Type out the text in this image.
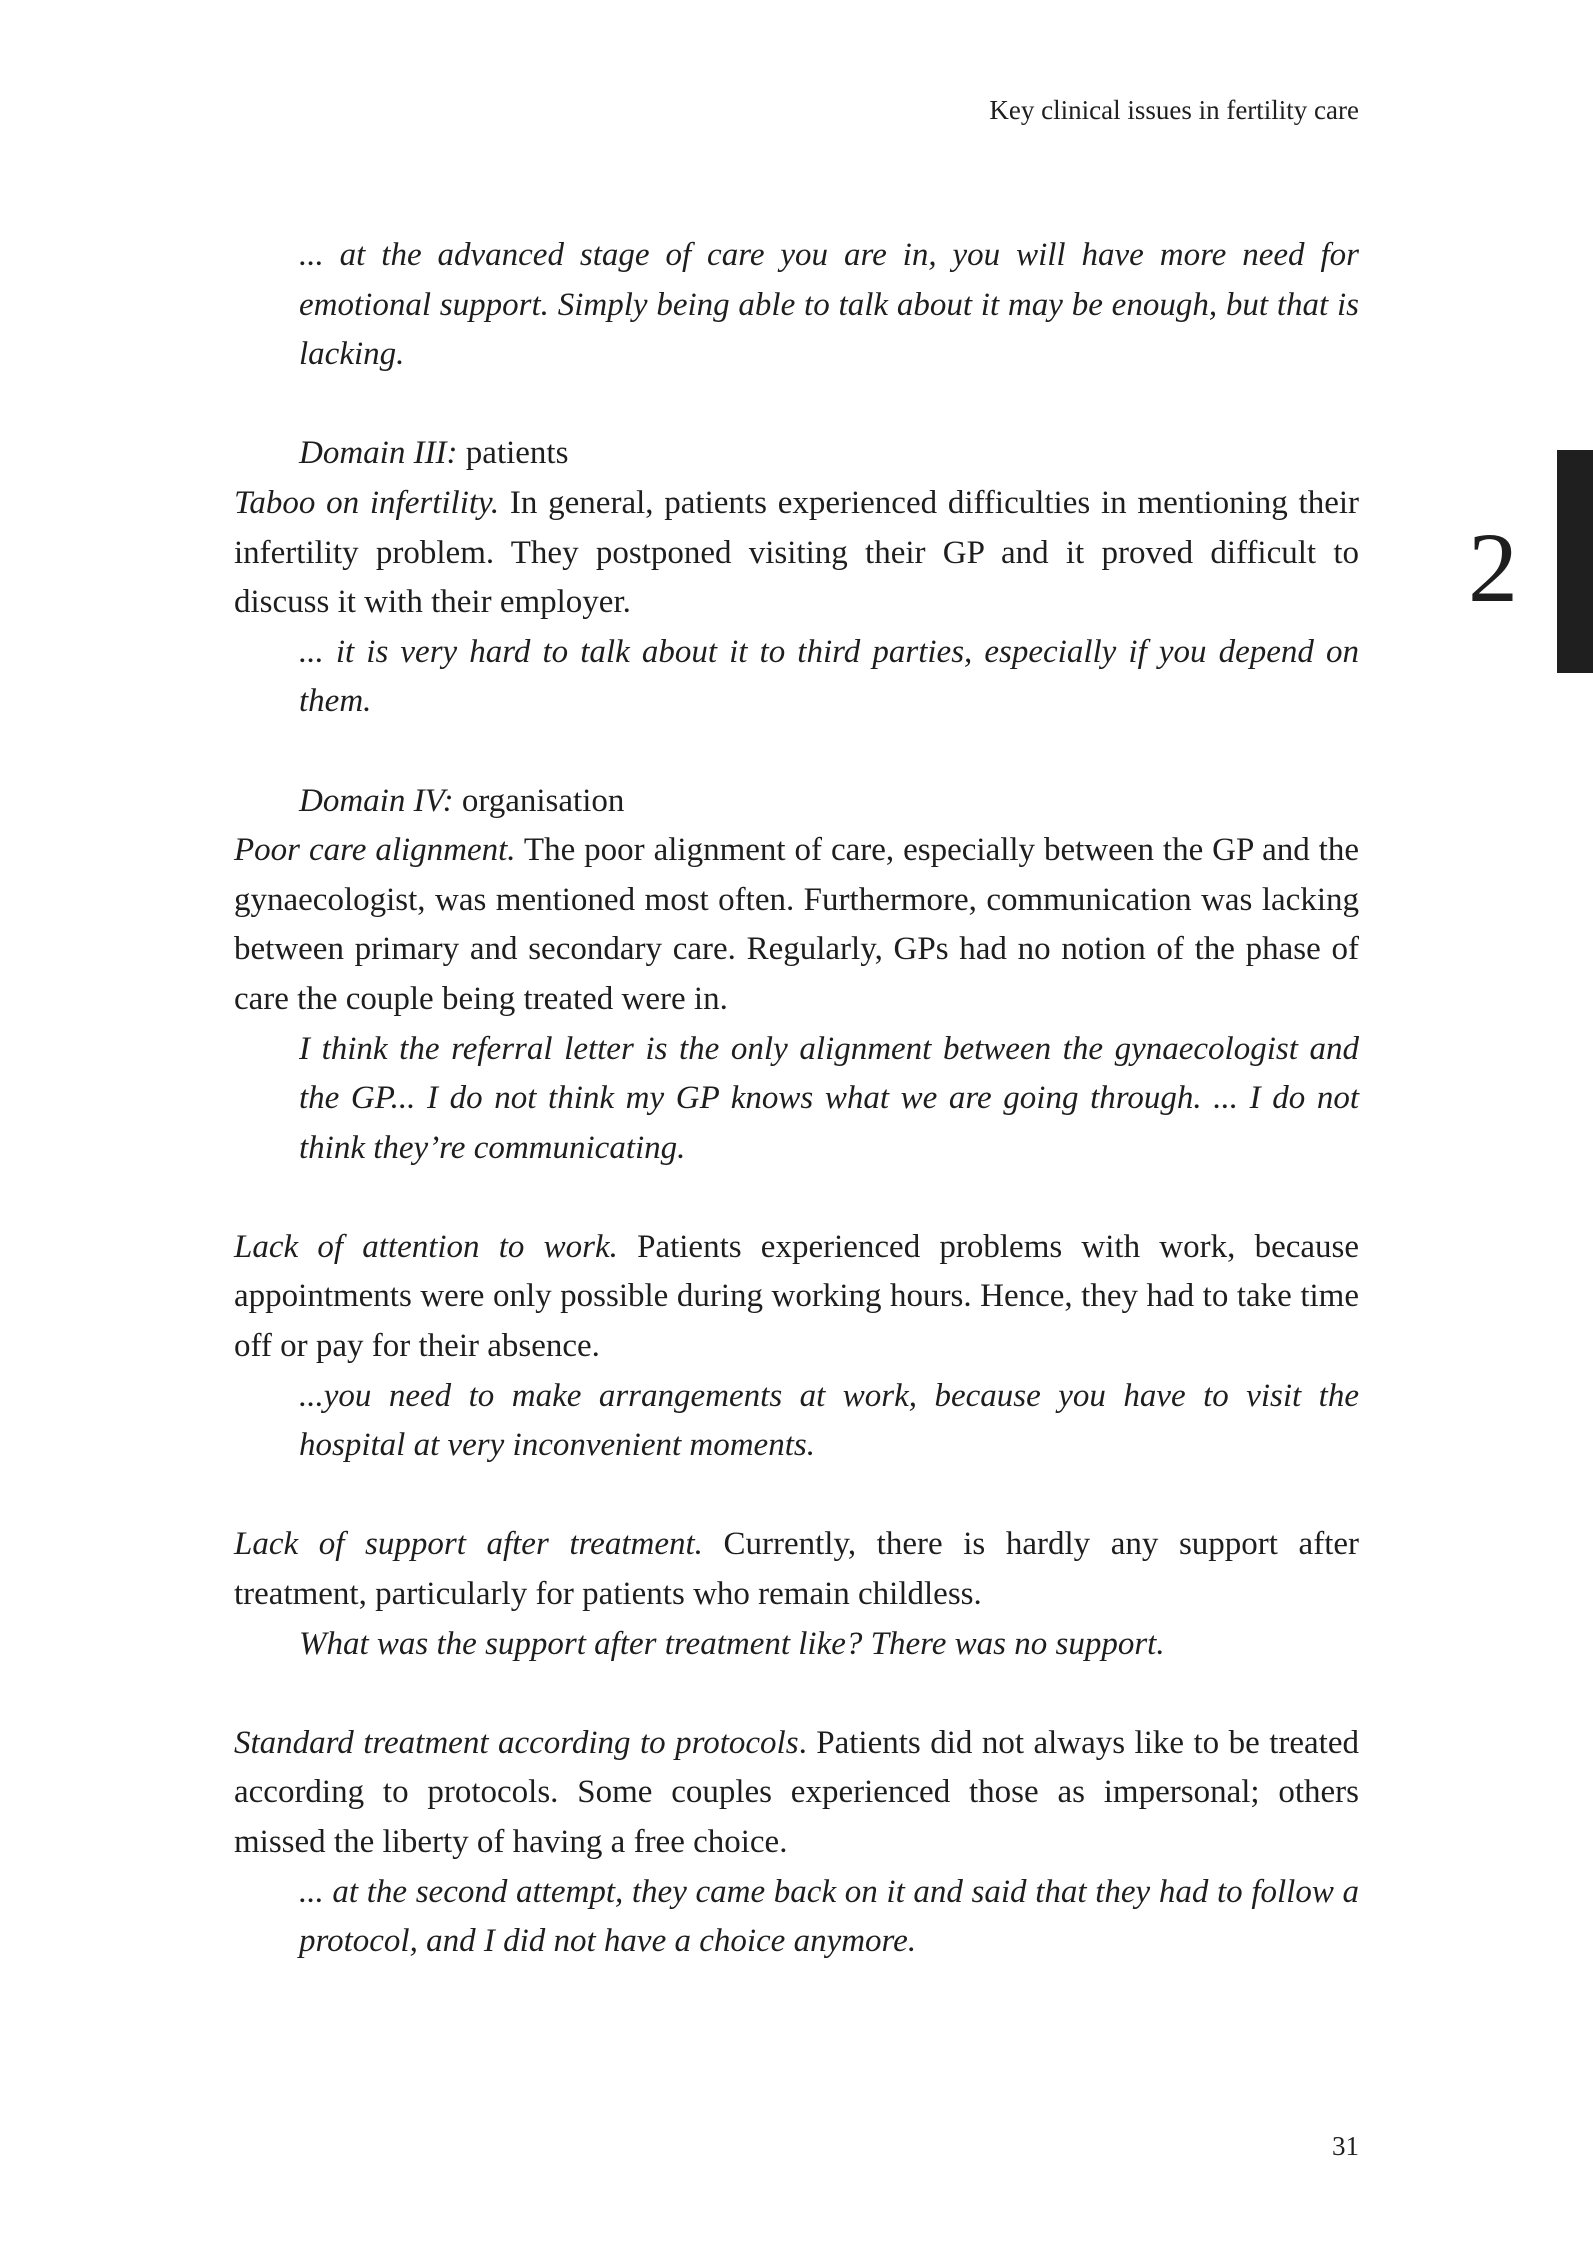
Key clinical issues in fertility care
2

... at the advanced stage of care you are in, you will have more need for emotional support. Simply being able to talk about it may be enough, but that is lacking.

Domain III: patients

Taboo on infertility. In general, patients experienced difficulties in mentioning their infertility problem. They postponed visiting their GP and it proved difficult to discuss it with their employer.

... it is very hard to talk about it to third parties, especially if you depend on them.

Domain IV: organisation

Poor care alignment. The poor alignment of care, especially between the GP and the gynaecologist, was mentioned most often. Furthermore, communication was lacking between primary and secondary care. Regularly, GPs had no notion of the phase of care the couple being treated were in.

I think the referral letter is the only alignment between the gynaecologist and the GP... I do not think my GP knows what we are going through. ... I do not think they’re communicating.

Lack of attention to work. Patients experienced problems with work, because appointments were only possible during working hours. Hence, they had to take time off or pay for their absence.

...you need to make arrangements at work, because you have to visit the hospital at very inconvenient moments.

Lack of support after treatment. Currently, there is hardly any support after treatment, particularly for patients who remain childless.

What was the support after treatment like? There was no support.

Standard treatment according to protocols. Patients did not always like to be treated according to protocols. Some couples experienced those as impersonal; others missed the liberty of having a free choice.

... at the second attempt, they came back on it and said that they had to follow a protocol, and I did not have a choice anymore.

31
